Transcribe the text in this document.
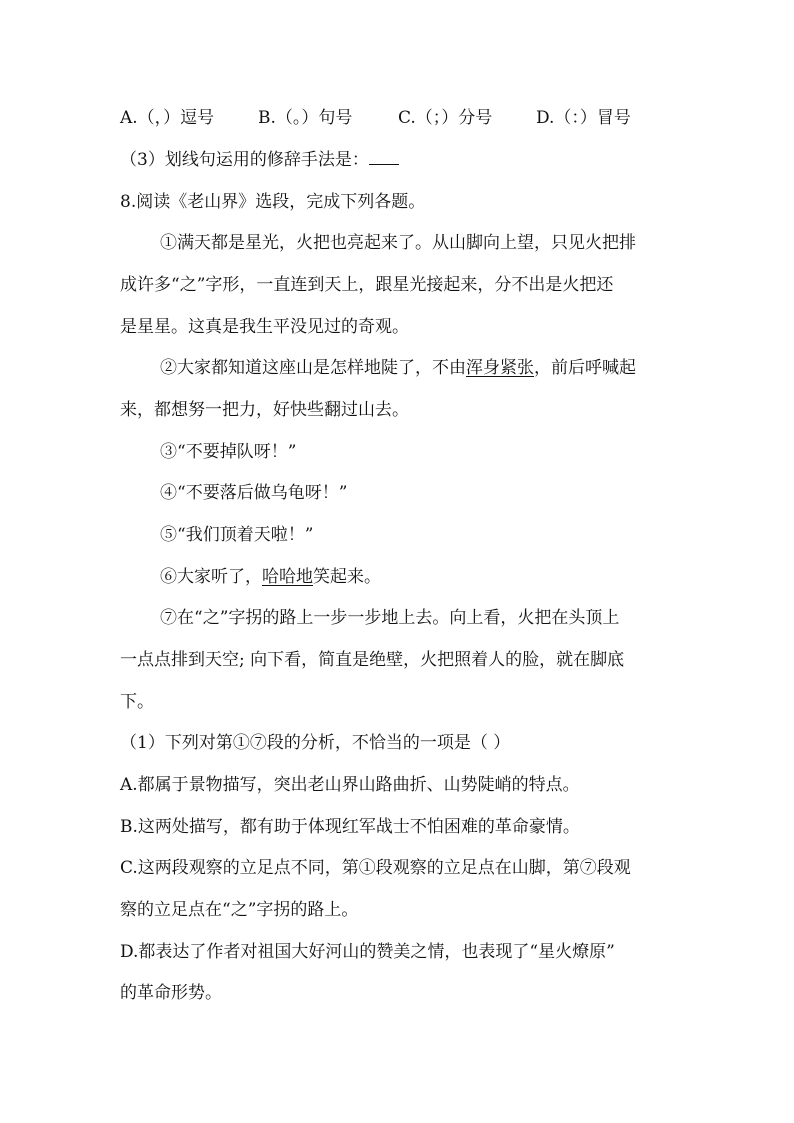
A.（，）逗号	B.（。）句号	C.（；）分号	D.（：）冒号
（3）划线句运用的修辞手法是：
8.阅读《老山界》选段，完成下列各题。
①满天都是星光，火把也亮起来了。从山脚向上望，只见火把排
成许多“之”字形，一直连到天上，跟星光接起来，分不出是火把还
是星星。这真是我生平没见过的奇观。
②大家都知道这座山是怎样地陡了，不由浑身紧张，前后呼喊起
来，都想努一把力，好快些翻过山去。
③“不要掉队呀！”
④“不要落后做乌龟呀！”
⑤“我们顶着天啦！”
⑥大家听了，哈哈地笑起来。
⑦在“之”字拐的路上一步一步地上去。向上看，火把在头顶上
一点点排到天空; 向下看，简直是绝壁，火把照着人的脸，就在脚底
下。
（1）下列对第①⑦段的分析，不恰当的一项是（ ）
A.都属于景物描写，突出老山界山路曲折、山势陡峭的特点。
B.这两处描写，都有助于体现红军战士不怕困难的革命豪情。
C.这两段观察的立足点不同，第①段观察的立足点在山脚，第⑦段观
察的立足点在“之”字拐的路上。
D.都表达了作者对祖国大好河山的赞美之情，也表现了“星火燎原”
的革命形势。
